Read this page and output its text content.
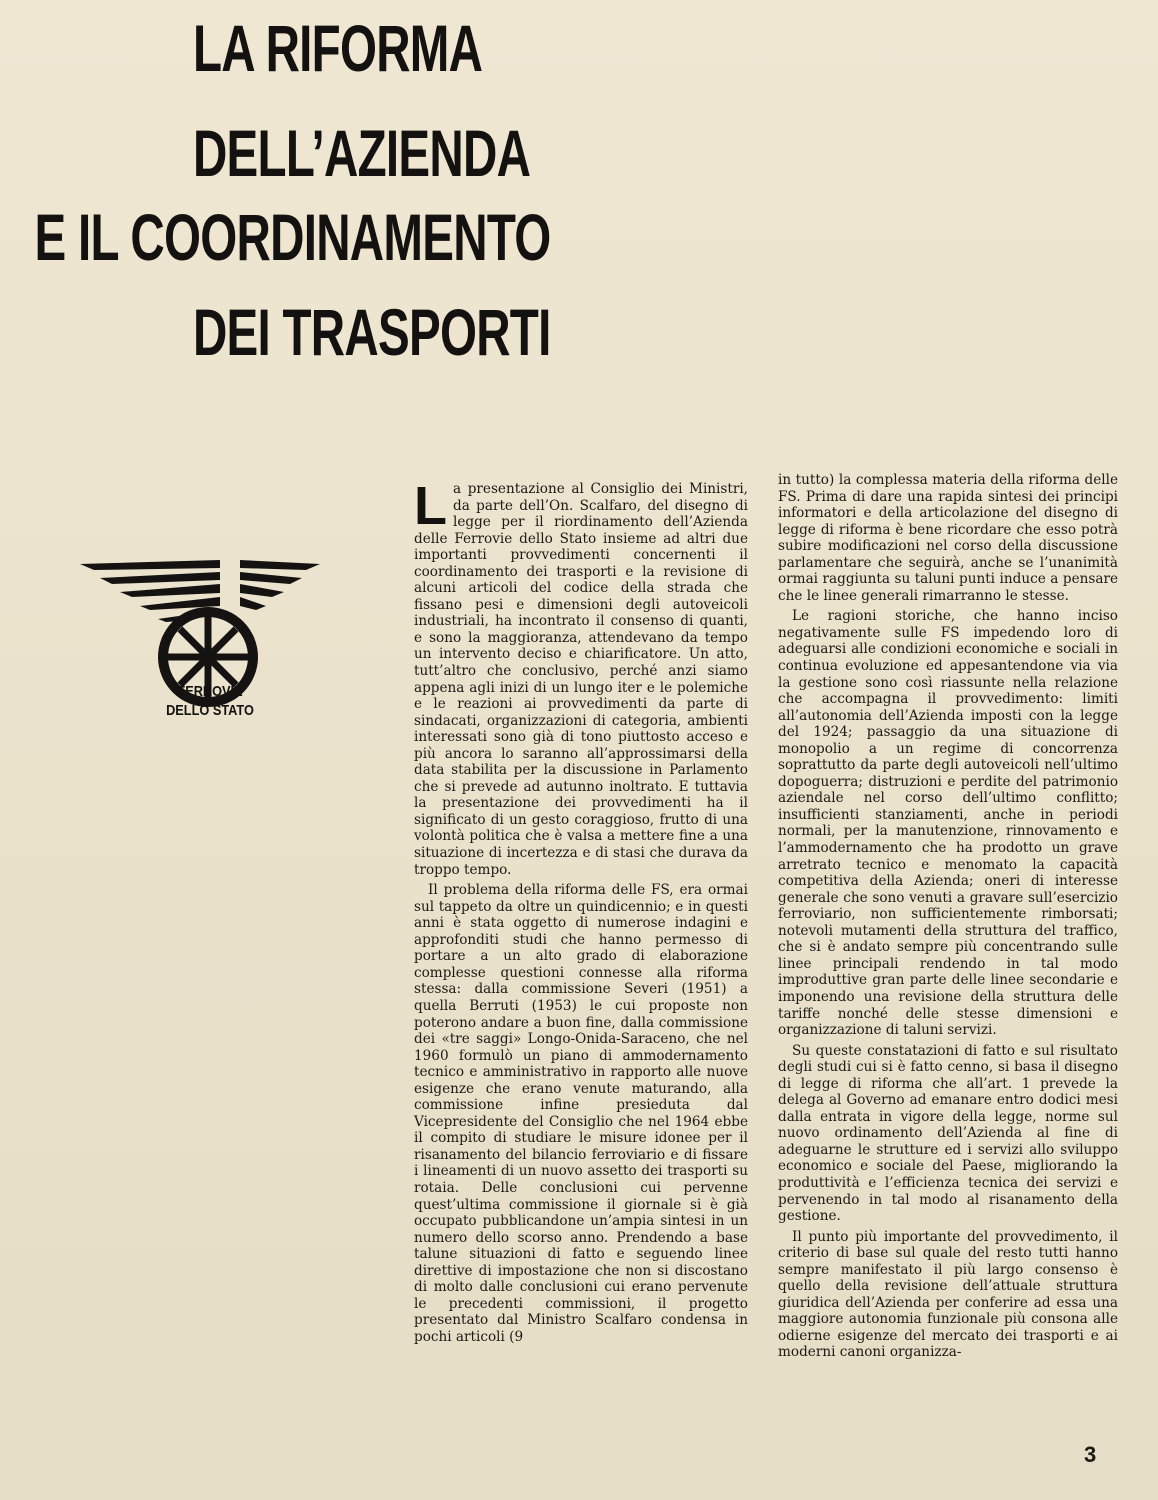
LA RIFORMA
DELL’AZIENDA
E IL COORDINAMENTO
DEI TRASPORTI
FERROVIE
DELLO STATO

La presentazione al Consiglio dei Ministri, da parte dell’On. Scalfaro, del disegno di legge per il riordinamento dell’Azienda delle Ferrovie dello Stato insieme ad altri due importanti provvedimenti concernenti il coordinamento dei trasporti e la revisione di alcuni articoli del codice della strada che fissano pesi e dimensioni degli autoveicoli industriali, ha incontrato il consenso di quanti, e sono la maggioranza, attendevano da tempo un intervento deciso e chiarificatore. Un atto, tutt’altro che conclusivo, perché anzi siamo appena agli inizi di un lungo iter e le polemiche e le reazioni ai provvedimenti da parte di sindacati, organizzazioni di categoria, ambienti interessati sono già di tono piuttosto acceso e più ancora lo saranno all’approssimarsi della data stabilita per la discussione in Parlamento che si prevede ad autunno inoltrato. E tuttavia la presentazione dei provvedimenti ha il significato di un gesto coraggioso, frutto di una volontà politica che è valsa a mettere fine a una situazione di incertezza e di stasi che durava da troppo tempo.

Il problema della riforma delle FS, era ormai sul tappeto da oltre un quindicennio; e in questi anni è stata oggetto di numerose indagini e approfonditi studi che hanno permesso di portare a un alto grado di elaborazione complesse questioni connesse alla riforma stessa: dalla commissione Severi (1951) a quella Berruti (1953) le cui proposte non poterono andare a buon fine, dalla commissione dei «tre saggi» Longo-Onida-Saraceno, che nel 1960 formulò un piano di ammodernamento tecnico e amministrativo in rapporto alle nuove esigenze che erano venute maturando, alla commissione infine presieduta dal Vicepresidente del Consiglio che nel 1964 ebbe il compito di studiare le misure idonee per il risanamento del bilancio ferroviario e di fissare i lineamenti di un nuovo assetto dei trasporti su rotaia. Delle conclusioni cui pervenne quest’ultima commissione il giornale si è già occupato pubblicandone un’ampia sintesi in un numero dello scorso anno. Prendendo a base talune situazioni di fatto e seguendo linee direttive di impostazione che non si discostano di molto dalle conclusioni cui erano pervenute le precedenti commissioni, il progetto presentato dal Ministro Scalfaro condensa in pochi articoli (9

in tutto) la complessa materia della riforma delle FS. Prima di dare una rapida sintesi dei principi informatori e della articolazione del disegno di legge di riforma è bene ricordare che esso potrà subire modificazioni nel corso della discussione parlamentare che seguirà, anche se l’unanimità ormai raggiunta su taluni punti induce a pensare che le linee generali rimarranno le stesse.

Le ragioni storiche, che hanno inciso negativamente sulle FS impedendo loro di adeguarsi alle condizioni economiche e sociali in continua evoluzione ed appesantendone via via la gestione sono così riassunte nella relazione che accompagna il provvedimento: limiti all’autonomia dell’Azienda imposti con la legge del 1924; passaggio da una situazione di monopolio a un regime di concorrenza soprattutto da parte degli autoveicoli nell’ultimo dopoguerra; distruzioni e perdite del patrimonio aziendale nel corso dell’ultimo conflitto; insufficienti stanziamenti, anche in periodi normali, per la manutenzione, rinnovamento e l’ammodernamento che ha prodotto un grave arretrato tecnico e menomato la capacità competitiva della Azienda; oneri di interesse generale che sono venuti a gravare sull’esercizio ferroviario, non sufficientemente rimborsati; notevoli mutamenti della struttura del traffico, che si è andato sempre più concentrando sulle linee principali rendendo in tal modo improduttive gran parte delle linee secondarie e imponendo una revisione della struttura delle tariffe nonché delle stesse dimensioni e organizzazione di taluni servizi.

Su queste constatazioni di fatto e sul risultato degli studi cui si è fatto cenno, si basa il disegno di legge di riforma che all’art. 1 prevede la delega al Governo ad emanare entro dodici mesi dalla entrata in vigore della legge, norme sul nuovo ordinamento dell’Azienda al fine di adeguarne le strutture ed i servizi allo sviluppo economico e sociale del Paese, migliorando la produttività e l’efficienza tecnica dei servizi e pervenendo in tal modo al risanamento della gestione.

Il punto più importante del provvedimento, il criterio di base sul quale del resto tutti hanno sempre manifestato il più largo consenso è quello della revisione dell’attuale struttura giuridica dell’Azienda per conferire ad essa una maggiore autonomia funzionale più consona alle odierne esigenze del mercato dei trasporti e ai moderni canoni organizza-

3
